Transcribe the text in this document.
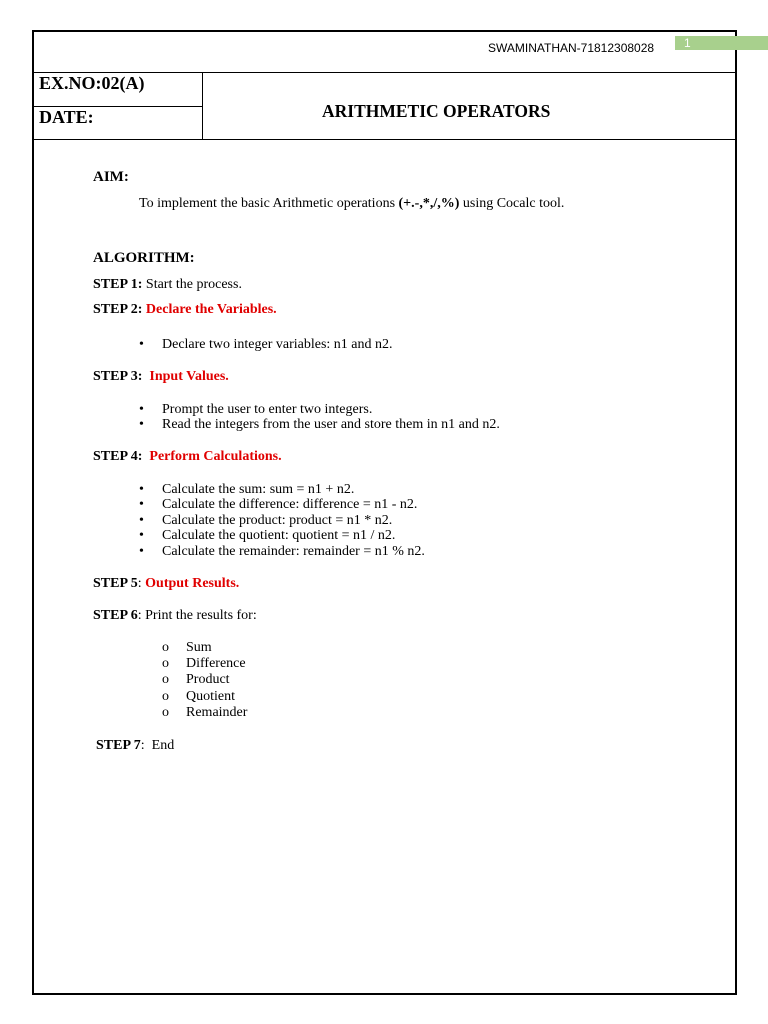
SWAMINATHAN-71812308028 1
EX.NO:02(A)
DATE:	ARITHMETIC OPERATORS
AIM:
To implement the basic Arithmetic operations (+.-,*,/,%) using Cocalc tool.
ALGORITHM:
STEP 1: Start the process.
STEP 2: Declare the Variables.
• Declare two integer variables: n1 and n2.
STEP 3: Input Values.
• Prompt the user to enter two integers.
• Read the integers from the user and store them in n1 and n2.
STEP 4: Perform Calculations.
• Calculate the sum: sum = n1 + n2.
• Calculate the difference: difference = n1 - n2.
• Calculate the product: product = n1 * n2.
• Calculate the quotient: quotient = n1 / n2.
• Calculate the remainder: remainder = n1 % n2.
STEP 5: Output Results.
STEP 6: Print the results for:
o Sum
o Difference
o Product
o Quotient
o Remainder
STEP 7:  End
